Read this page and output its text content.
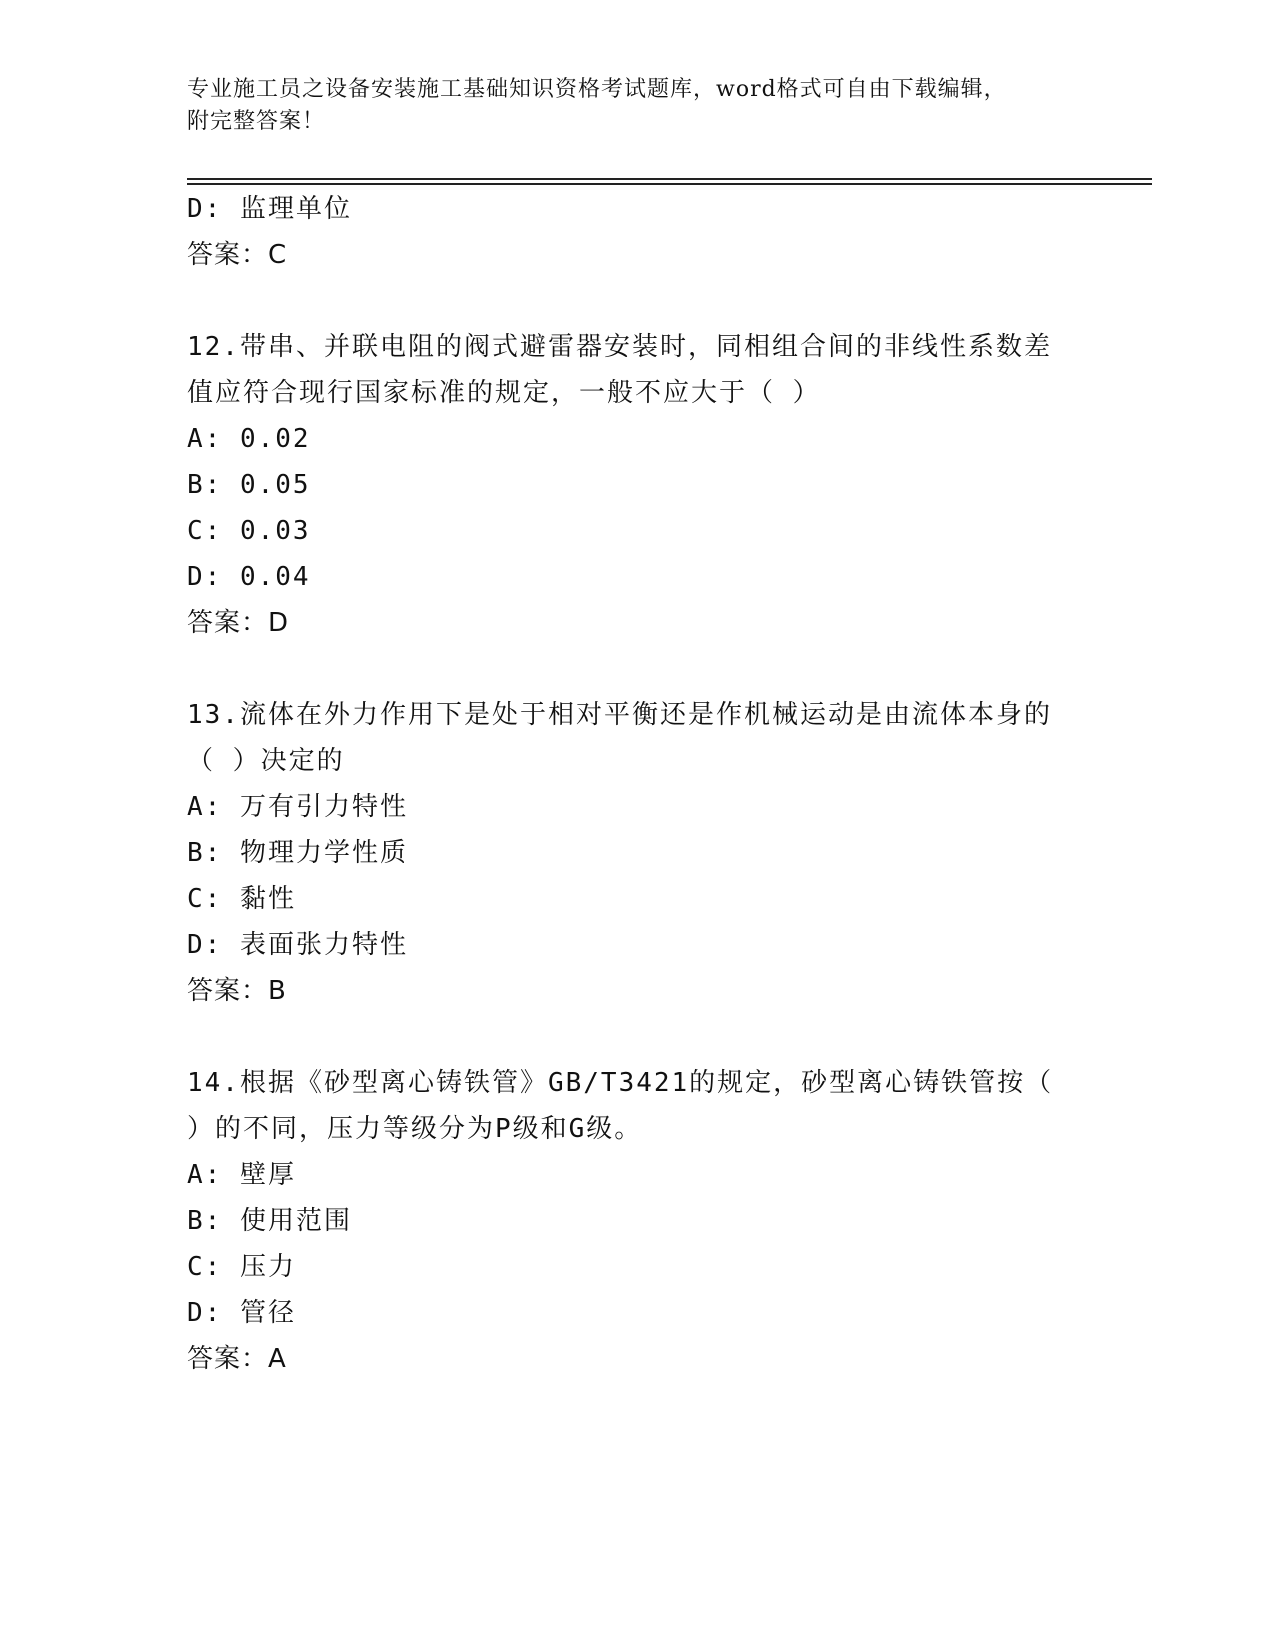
专业施工员之设备安装施工基础知识资格考试题库，word格式可自由下载编辑，
附完整答案！
D: 监理单位
答案：C
12.带串、并联电阻的阀式避雷器安装时，同相组合间的非线性系数差
值应符合现行国家标准的规定，一般不应大于（ ）
A: 0.02
B: 0.05
C: 0.03
D: 0.04
答案：D
13.流体在外力作用下是处于相对平衡还是作机械运动是由流体本身的
（ ）决定的
A: 万有引力特性
B: 物理力学性质
C: 黏性
D: 表面张力特性
答案：B
14.根据《砂型离心铸铁管》GB/T3421的规定，砂型离心铸铁管按（
）的不同，压力等级分为P级和G级。
A: 壁厚
B: 使用范围
C: 压力
D: 管径
答案：A
